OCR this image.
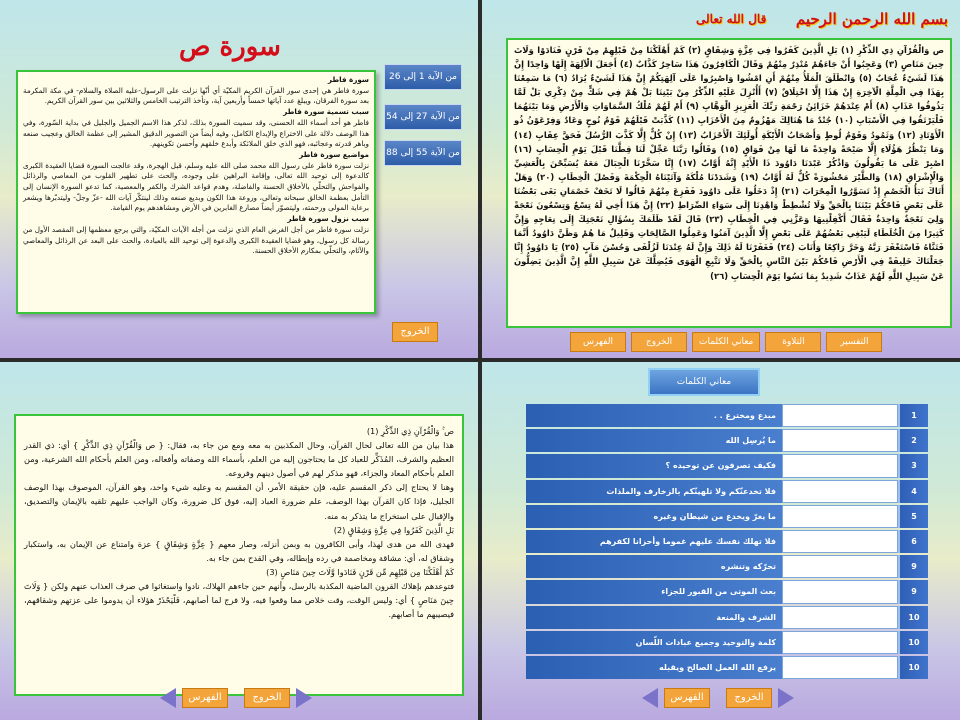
سورة ص
من الآية 1 إلى 26
من الآية 27 إلى 54
من الآية 55 إلى 88

سورة فاطر

سورة فاطر هي إحدى سور القرآن الكريم المكيّة أي أنّها نزلت على الرسول-عليه الصلاة والسلام- في مكة المكرمة بعد سورة الفرقان، ويبلغ عدد آياتها خمساً وأربعين آية، وتأخذ الترتيب الخامس والثلاثين بين سور القرآن الكريم.

سبب تسمية سورة فاطر

فاطر هو أحد أسماء الله الحسنى، وقد سميت السورة بذلك، لذكر هذا الاسم الجميل والجليل في بداية السّورة، وفي هذا الوصف دلالة على الاختراع والإبداع الكامل، وفيه أيضاً من التصوير الدقيق المشير إلى عظمة الخالق وعجيب صنعه وباهر قدرته وعجائبه، فهو الذي خلق الملائكة وأبدع خلقهم وأحسن تكوينهم.

مواضيع سورة فاطر

نزلت سورة فاطر على رسول الله محمد صلى الله عليه وسلم، قبل الهجرة، وقد عالجت السورة قضايا العقيدة الكبرى كالدعوة إلى توحيد الله تعالى، وإقامة البراهين على وجوده، والحث على تطهير القلوب من المعاصي والرذائل والفواحش والتحلّي بالأخلاق الحسنة والفاضلة، وهدم قواعد الشرك والكفر والمعصية، كما تدعو السورة الإنسان إلى التأمل بعظمة الخالق سبحانه وتعالى، وروعة هذا الكون وبديع صنعه وذلك لينتكّر آيات الله -عزّ وجلّ- وليتدبّرها ويشعر برعاية المولى ورحمته، وليتصوّر أيضاً مصارع الغابرين في الأرض ومشاهدهم يوم القيامة.

سبب نزول سورة فاطر

نزلت سورة فاطر من أجل الغرض العام الذي نزلت من أجله الآيات المكيّة، والتي يرجع معظمها إلى المقصد الأول من رسالة كل رسول، وهو قضايا العقيدة الكبرى والدعوة إلى توحيد الله بالعبادة، والحث على البعد عن الرذائل والمعاصي والآثام، والتحلّي بمكارم الأخلاق الحسنة.

الخروج
بسم الله الرحمن الرحيم
قال الله تعالى

ص وَالْقُرْآنِ ذِي الذِّكْرِ (١) بَلِ الَّذِينَ كَفَرُوا فِي عِزَّةٍ وَشِقَاقٍ (٢) كَمْ أَهْلَكْنَا مِنْ قَبْلِهِمْ مِنْ قَرْنٍ فَنَادَوْا وَلَاتَ حِينَ مَنَاصٍ (٣) وَعَجِبُوا أَنْ جَاءَهُمْ مُنْذِرٌ مِنْهُمْ وَقَالَ الْكَافِرُونَ هَذَا سَاحِرٌ كَذَّابٌ (٤) أَجَعَلَ الْآلِهَةَ إِلَهًا وَاحِدًا إِنَّ هَذَا لَشَيْءٌ عُجَابٌ (٥) وَانْطَلَقَ الْمَلَأُ مِنْهُمْ أَنِ امْشُوا وَاصْبِرُوا عَلَى آلِهَتِكُمْ إِنَّ هَذَا لَشَيْءٌ يُرَادُ (٦) مَا سَمِعْنَا بِهَذَا فِي الْمِلَّةِ الْآخِرَةِ إِنْ هَذَا إِلَّا اخْتِلَاقٌ (٧) أَأُنْزِلَ عَلَيْهِ الذِّكْرُ مِنْ بَيْنِنَا بَلْ هُمْ فِي شَكٍّ مِنْ ذِكْرِي بَلْ لَمَّا يَذُوقُوا عَذَابِ (٨) أَمْ عِنْدَهُمْ خَزَائِنُ رَحْمَةِ رَبِّكَ الْعَزِيزِ الْوَهَّابِ (٩) أَمْ لَهُمْ مُلْكُ السَّمَاوَاتِ وَالْأَرْضِ وَمَا بَيْنَهُمَا فَلْيَرْتَقُوا فِي الْأَسْبَابِ (١٠) جُنْدٌ مَا هُنَالِكَ مَهْزُومٌ مِنَ الْأَحْزَابِ (١١) كَذَّبَتْ قَبْلَهُمْ قَوْمُ نُوحٍ وَعَادٌ وَفِرْعَوْنُ ذُو الْأَوْتَادِ (١٢) وَثَمُودُ وَقَوْمُ لُوطٍ وَأَصْحَابُ الْأَيْكَةِ أُولَئِكَ الْأَحْزَابُ (١٣) إِنْ كُلٌّ إِلَّا كَذَّبَ الرُّسُلَ فَحَقَّ عِقَابِ (١٤) وَمَا يَنْظُرُ هَؤُلَاءِ إِلَّا صَيْحَةً وَاحِدَةً مَا لَهَا مِنْ فَوَاقٍ (١٥) وَقَالُوا رَبَّنَا عَجِّلْ لَنَا قِطَّنَا قَبْلَ يَوْمِ الْحِسَابِ (١٦) اصْبِرْ عَلَى مَا يَقُولُونَ وَاذْكُرْ عَبْدَنَا دَاوُودَ ذَا الْأَيْدِ إِنَّهُ أَوَّابٌ (١٧) إِنَّا سَخَّرْنَا الْجِبَالَ مَعَهُ يُسَبِّحْنَ بِالْعَشِيِّ وَالْإِشْرَاقِ (١٨) وَالطَّيْرَ مَحْشُورَةً كُلٌّ لَهُ أَوَّابٌ (١٩) وَشَدَدْنَا مُلْكَهُ وَآتَيْنَاهُ الْحِكْمَةَ وَفَصْلَ الْخِطَابِ (٢٠) وَهَلْ أَتَاكَ نَبَأُ الْخَصْمِ إِذْ تَسَوَّرُوا الْمِحْرَابَ (٢١) إِذْ دَخَلُوا عَلَى دَاوُودَ فَفَزِعَ مِنْهُمْ قَالُوا لَا تَخَفْ خَصْمَانِ بَغَى بَعْضُنَا عَلَى بَعْضٍ فَاحْكُمْ بَيْنَنَا بِالْحَقِّ وَلَا تُشْطِطْ وَاهْدِنَا إِلَى سَوَاءِ الصِّرَاطِ (٢٢) إِنَّ هَذَا أَخِي لَهُ تِسْعٌ وَتِسْعُونَ نَعْجَةً وَلِيَ نَعْجَةٌ وَاحِدَةٌ فَقَالَ أَكْفِلْنِيهَا وَعَزَّنِي فِي الْخِطَابِ (٢٣) قَالَ لَقَدْ ظَلَمَكَ بِسُؤَالِ نَعْجَتِكَ إِلَى نِعَاجِهِ وَإِنَّ كَثِيرًا مِنَ الْخُلَطَاءِ لَيَبْغِي بَعْضُهُمْ عَلَى بَعْضٍ إِلَّا الَّذِينَ آمَنُوا وَعَمِلُوا الصَّالِحَاتِ وَقَلِيلٌ مَا هُمْ وَظَنَّ دَاوُودُ أَنَّمَا فَتَنَّاهُ فَاسْتَغْفَرَ رَبَّهُ وَخَرَّ رَاكِعًا وَأَنَابَ (٢٤) فَغَفَرْنَا لَهُ ذَلِكَ وَإِنَّ لَهُ عِنْدَنَا لَزُلْفَى وَحُسْنَ مَآبٍ (٢٥) يَا دَاوُودُ إِنَّا جَعَلْنَاكَ خَلِيفَةً فِي الْأَرْضِ فَاحْكُمْ بَيْنَ النَّاسِ بِالْحَقِّ وَلَا تَتَّبِعِ الْهَوَى فَيُضِلَّكَ عَنْ سَبِيلِ اللَّهِ إِنَّ الَّذِينَ يَضِلُّونَ عَنْ سَبِيلِ اللَّهِ لَهُمْ عَذَابٌ شَدِيدٌ بِمَا نَسُوا يَوْمَ الْحِسَابِ (٢٦)

التفسير
التلاوة
معاني الكلمات
الخروج
الفهرس

ص ۚ وَالْقُرْآنِ ذِي الذِّكْرِ (1)

هذا بيان من الله تعالى لحال القرآن، وحال المكذبين به معه ومع من جاء به، فقال: { ص وَالْقُرْآنِ ذِي الذِّكْرِ } أي: ذي القدر العظيم والشرف، المُذَكِّر للعباد كل ما يحتاجون إليه من العلم، بأسماء الله وصفاته وأفعاله، ومن العلم بأحكام الله الشرعية، ومن العلم بأحكام المعاد والجزاء، فهو مذكر لهم في أصول دينهم وفروعه.

وهنا لا يحتاج إلى ذكر المقسم عليه، فإن حقيقة الأمر، أن المقسم به وعليه شيء واحد، وهو القرآن، الموصوف بهذا الوصف الجليل، فإذا كان القرآن بهذا الوصف، علم ضرورة العباد إليه، فوق كل ضرورة، وكان الواجب عليهم تلقيه بالإيمان والتصديق، والإقبال على استخراج ما يتذكر به منه.

بَلِ الَّذِينَ كَفَرُوا فِي عِزَّةٍ وَشِقَاقٍ (2)

فهدى الله من هدى لهذا، وأبى الكافرون به وبمن أنزله، وصار معهم { عِزَّةٍ وَشِقَاقٍ } عزة وامتناع عن الإيمان به، واستكبار وشقاق له، أي: مشاقة ومخاصمة في رده وإبطاله، وفي القدح بمن جاء به.

كَمْ أَهْلَكْنَا مِن قَبْلِهِم مِّن قَرْنٍ فَنَادَوا وَّلَاتَ حِينَ مَنَاصٍ (3)

فتوعدهم بإهلاك القرون الماضية المكذبة بالرسل، وأنهم حين جاءهم الهلاك، نادوا واستغاثوا في صرف العذاب عنهم ولكن { وَلَاتَ حِينَ مَنَاصٍ } أي: وليس الوقت، وقت خلاص مما وقعوا فيه، ولا فرج لما أصابهم، فَلْيَحْذَرْ هؤلاء أن يدوموا على عزتهم وشقاقهم، فيصيبهم ما أصابهم.

الفهرس	الخروج
معاني الكلمات
1	فاطر . .	مبدع ومخترع . .
2	ما يفتح الله	ما يُرسِل الله
3	فأنّى تؤفكون ؟	فكيف تصرفون عن توحيده ؟
4	فلا تغرنّكم	فلا تخدعنّكم ولا تلهينّكم بالزخارف والملذات
5	الغرور	ما يغرّ ويخدع من شيطان وغيره
6	فلا تذهب نفسك عليهم حسرات	فلا تهلك نفسك عليهم غموما وأحزانا لكفرهم
9	فتثير سحابا	تحرّكه وتنشره
9	النشور	بعث الموتى من القبور للجزاء
10	يريد العزّة	الشرف والمنعة
10	الكلم الطيّب	كلمة والتوحيد وجميع عبادات اللّسان
10	العمل الصالح يرفع	يرفع الله العمل الصالح ويقبله
الفهرس	الخروج
